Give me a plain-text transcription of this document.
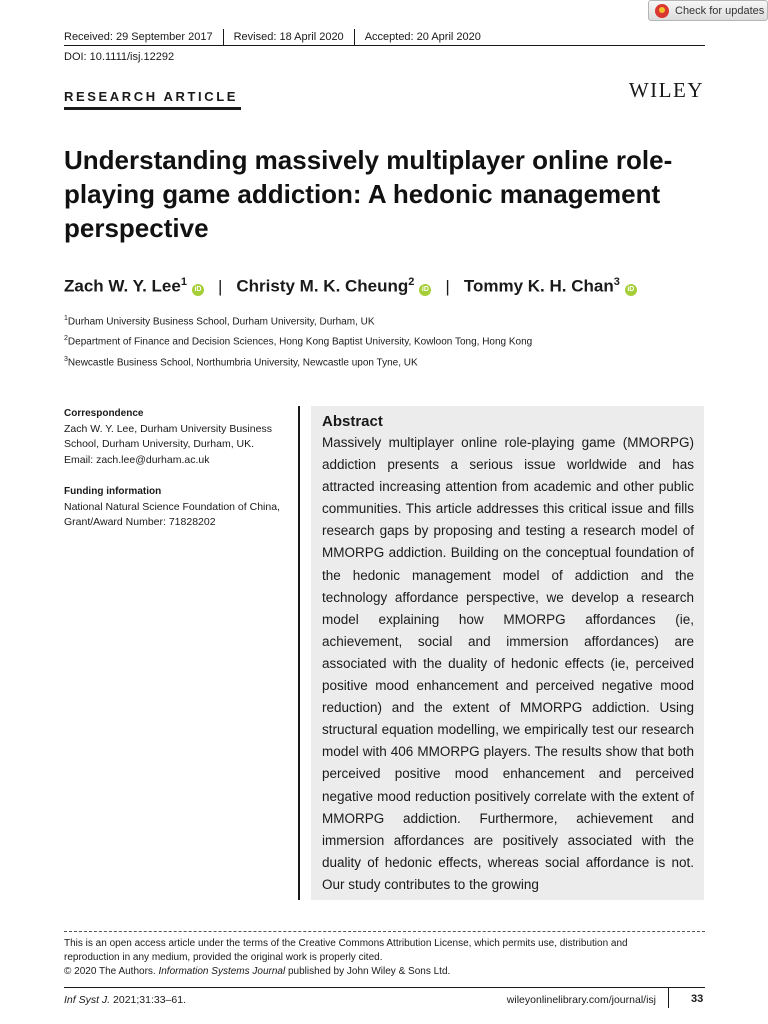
Received: 29 September 2017 Revised: 18 April 2020 Accepted: 20 April 2020
DOI: 10.1111/isj.12292
Check for updates
RESEARCH ARTICLE	WILEY
Understanding massively multiplayer online role-playing game addiction: A hedonic management perspective
Zach W. Y. Lee$^1$
iD | Christy M. K. Cheung$^2$
iD | Tommy K. H. Chan$^3$
iD
$^1$Durham University Business School, Durham University, Durham, UK
$^2$Department of Finance and Decision Sciences, Hong Kong Baptist University, Kowloon Tong, Hong Kong
$^3$Newcastle Business School, Northumbria University, Newcastle upon Tyne, UK
Correspondence
Zach W. Y. Lee, Durham University Business
School, Durham University, Durham, UK.
Email: zach.lee@durham.ac.uk
Funding information
National Natural Science Foundation of China,
Grant/Award Number: 71828202
Abstract
Massively multiplayer online role-playing game (MMORPG) addiction presents a serious issue worldwide and has attracted increasing attention from academic and other public communities. This article addresses this critical issue and fills research gaps by proposing and testing a research model of MMORPG addiction. Building on the conceptual foundation of the hedonic management model of addiction and the technology affordance perspective, we develop a research model explaining how MMORPG affordances (ie, achievement, social and immersion affordances) are associated with the duality of hedonic effects (ie, perceived positive mood enhancement and perceived negative mood reduction) and the extent of MMORPG addiction. Using structural equation modelling, we empirically test our research model with 406 MMORPG players. The results show that both perceived positive mood enhancement and perceived negative mood reduction positively correlate with the extent of MMORPG addiction. Furthermore, achievement and immersion affordances are positively associated with the duality of hedonic effects, whereas social affordance is not. Our study contributes to the growing
This is an open access article under the terms of the Creative Commons Attribution License, which permits use, distribution and
reproduction in any medium, provided the original work is properly cited.
© 2020 The Authors. Information Systems Journal published by John Wiley & Sons Ltd.
Inf Syst J. 2021;31:33–61.	wileyonlinelibrary.com/journal/isj	33
